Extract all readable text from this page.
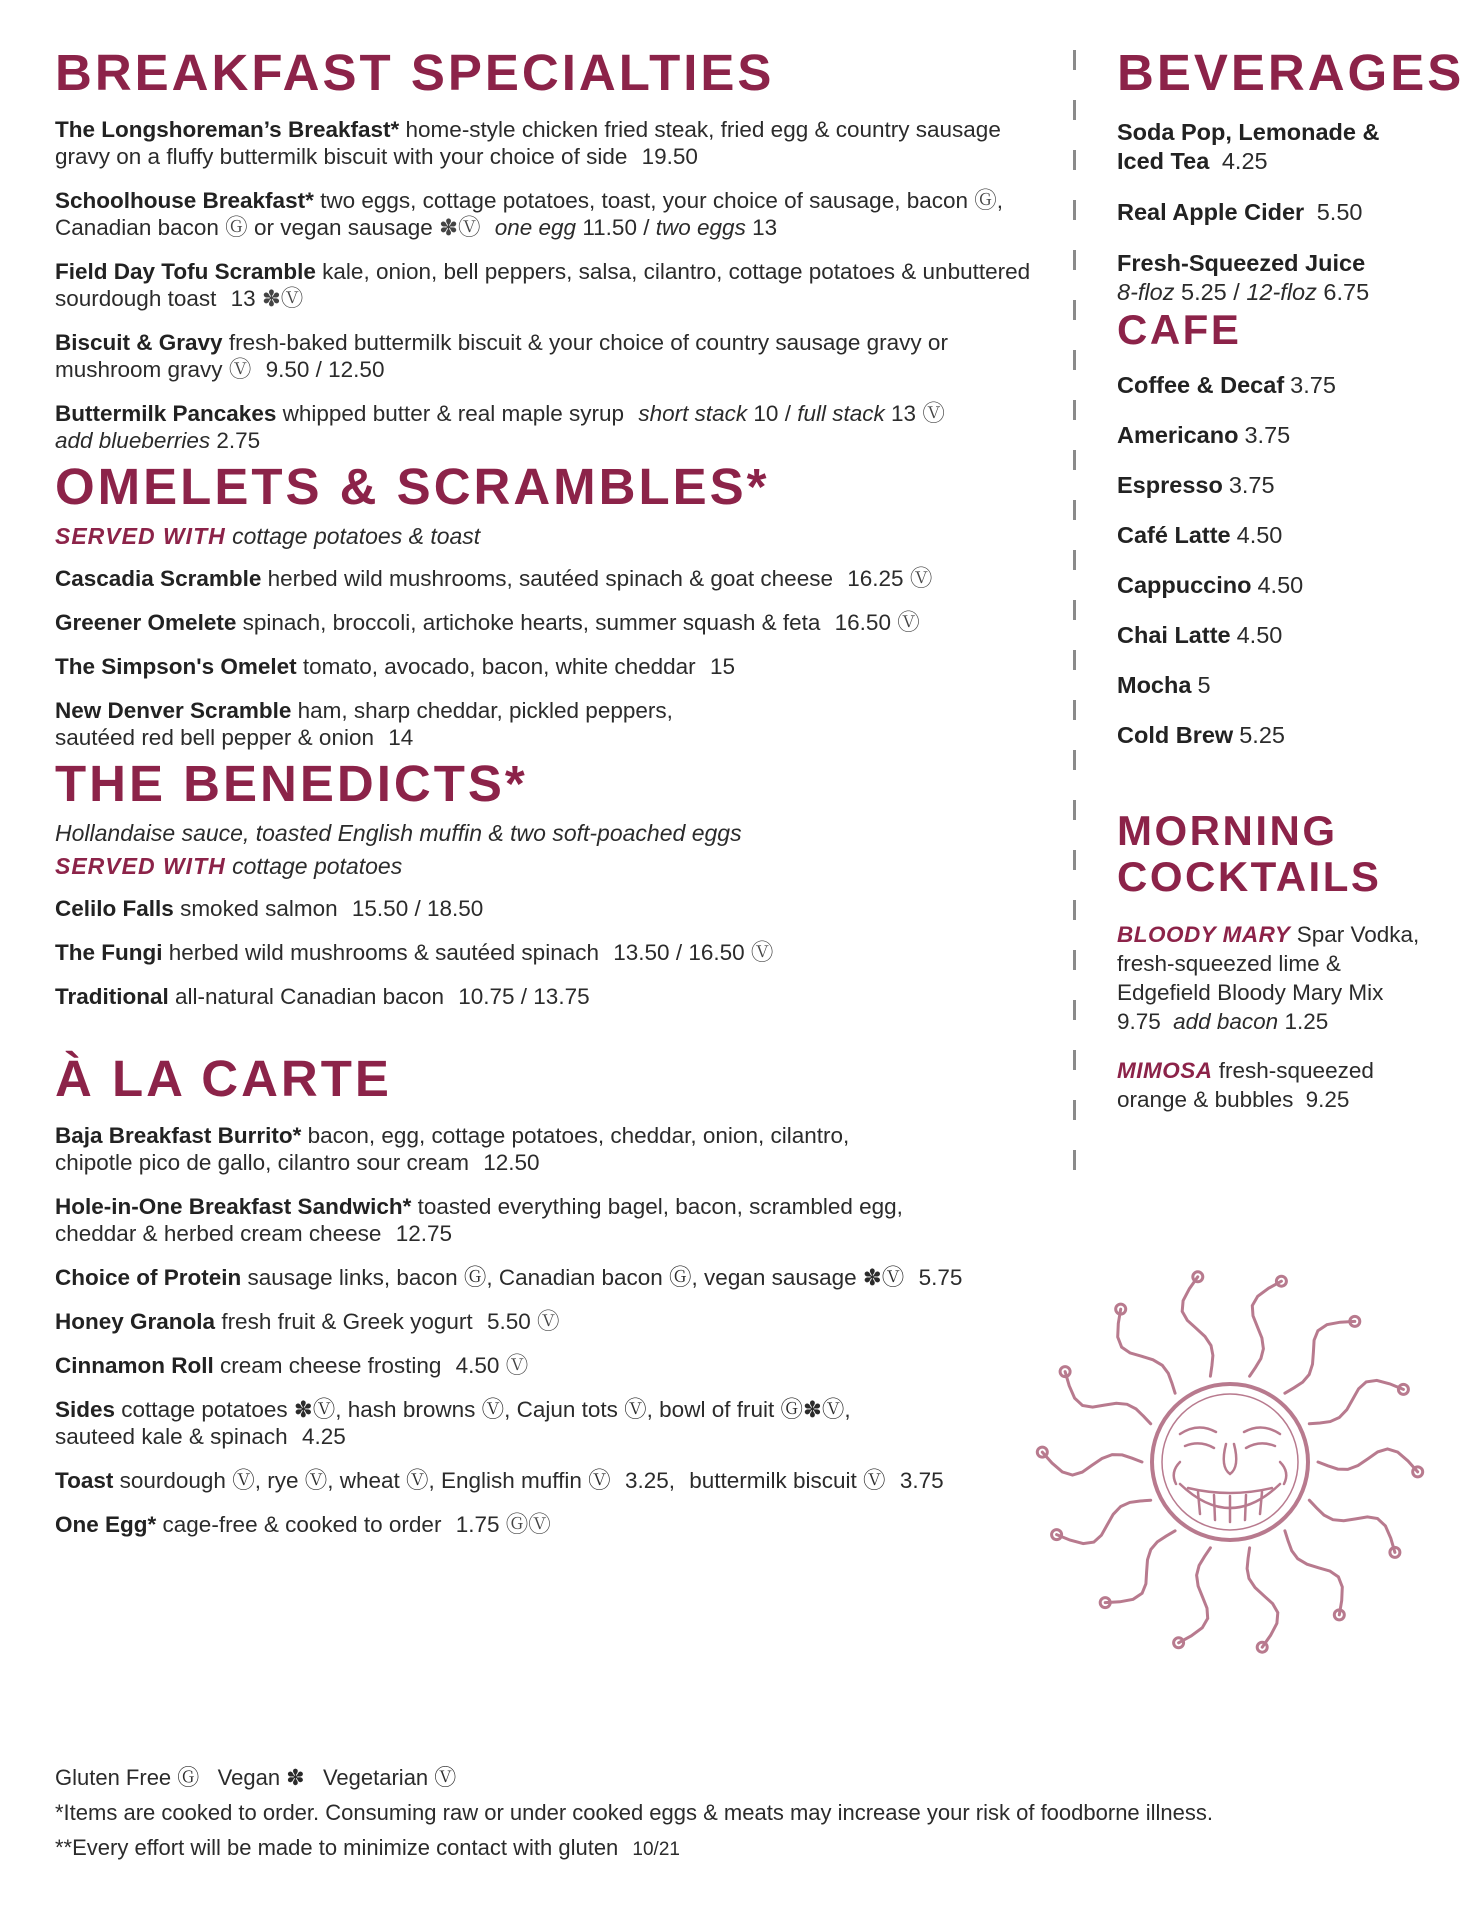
BREAKFAST SPECIALTIES
The Longshoreman’s Breakfast* home-style chicken fried steak, fried egg & country sausage gravy on a fluffy buttermilk biscuit with your choice of side 19.50
Schoolhouse Breakfast* two eggs, cottage potatoes, toast, your choice of sausage, bacon Ⓖ, Canadian bacon Ⓖ or vegan sausage ✽Ⓥ one egg 11.50 / two eggs 13
Field Day Tofu Scramble kale, onion, bell peppers, salsa, cilantro, cottage potatoes & unbuttered sourdough toast 13 ✽Ⓥ
Biscuit & Gravy fresh-baked buttermilk biscuit & your choice of country sausage gravy or mushroom gravy Ⓥ 9.50 / 12.50
Buttermilk Pancakes whipped butter & real maple syrup short stack 10 / full stack 13 Ⓥ
add blueberries 2.75
OMELETS & SCRAMBLES*
SERVED WITH cottage potatoes & toast
Cascadia Scramble herbed wild mushrooms, sautéed spinach & goat cheese 16.25 Ⓥ
Greener Omelete spinach, broccoli, artichoke hearts, summer squash & feta 16.50 Ⓥ
The Simpson's Omelet tomato, avocado, bacon, white cheddar 15
New Denver Scramble ham, sharp cheddar, pickled peppers,
sautéed red bell pepper & onion 14
THE BENEDICTS*
Hollandaise sauce, toasted English muffin & two soft-poached eggs
SERVED WITH cottage potatoes
Celilo Falls smoked salmon 15.50 / 18.50
The Fungi herbed wild mushrooms & sautéed spinach 13.50 / 16.50 Ⓥ
Traditional all-natural Canadian bacon 10.75 / 13.75
À LA CARTE
Baja Breakfast Burrito* bacon, egg, cottage potatoes, cheddar, onion, cilantro,
chipotle pico de gallo, cilantro sour cream 12.50
Hole-in-One Breakfast Sandwich* toasted everything bagel, bacon, scrambled egg,
cheddar & herbed cream cheese 12.75
Choice of Protein sausage links, bacon Ⓖ, Canadian bacon Ⓖ, vegan sausage ✽Ⓥ 5.75
Honey Granola fresh fruit & Greek yogurt 5.50 Ⓥ
Cinnamon Roll cream cheese frosting 4.50 Ⓥ
Sides cottage potatoes ✽Ⓥ, hash browns Ⓥ, Cajun tots Ⓥ, bowl of fruit Ⓖ✽Ⓥ,
sauteed kale & spinach 4.25
Toast sourdough Ⓥ, rye Ⓥ, wheat Ⓥ, English muffin Ⓥ 3.25, buttermilk biscuit Ⓥ 3.75
One Egg* cage-free & cooked to order 1.75 ⒼⓋ
BEVERAGES
Soda Pop, Lemonade &
Iced Tea 4.25
Real Apple Cider 5.50
Fresh-Squeezed Juice
8-floz 5.25 / 12-floz 6.75
CAFE
Coffee & Decaf 3.75
Americano 3.75
Espresso 3.75
Café Latte 4.50
Cappuccino 4.50
Chai Latte 4.50
Mocha 5
Cold Brew 5.25
MORNING
COCKTAILS
BLOODY MARY Spar Vodka,
fresh-squeezed lime &
Edgefield Bloody Mary Mix
9.75 add bacon 1.25
MIMOSA fresh-squeezed
orange & bubbles 9.25
Gluten Free Ⓖ Vegan ✽ Vegetarian Ⓥ
*Items are cooked to order. Consuming raw or under cooked eggs & meats may increase your risk of foodborne illness.
**Every effort will be made to minimize contact with gluten 10/21
